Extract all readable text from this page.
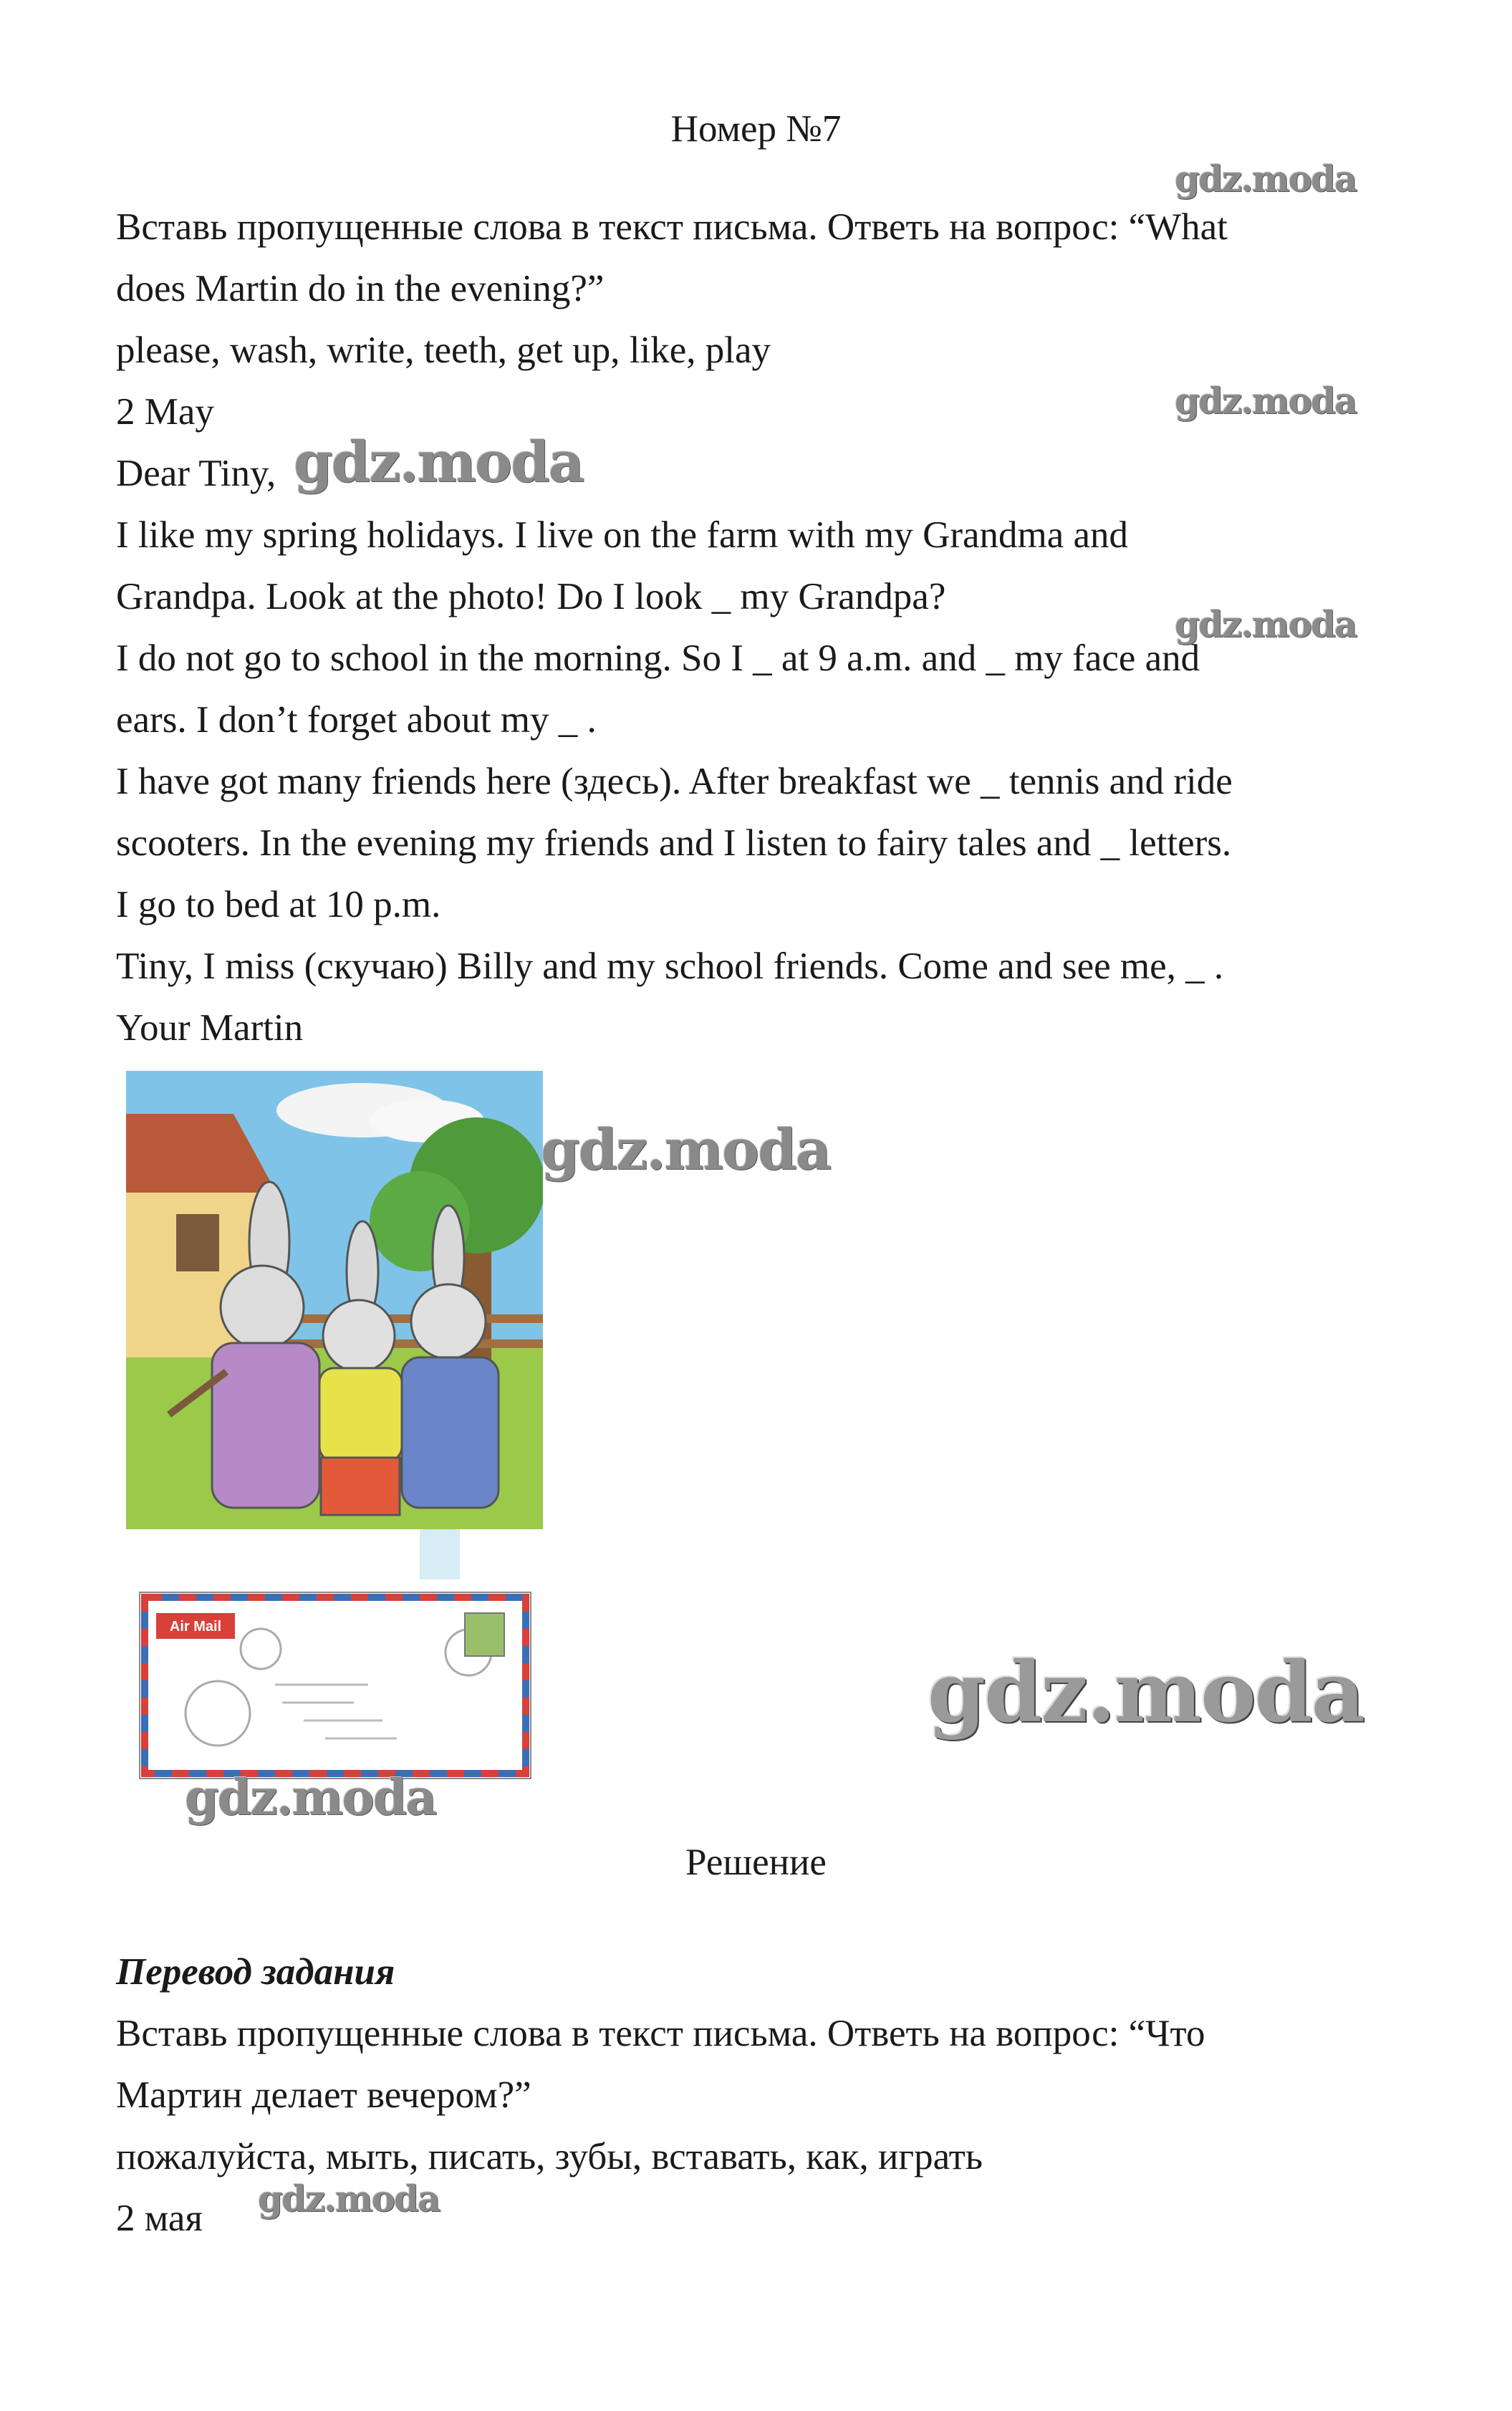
Номер №7
Вставь пропущенные слова в текст письма. Ответь на вопрос: “What
does Martin do in the evening?”
please, wash, write, teeth, get up, like, play
2 May
Dear Tiny,
I like my spring holidays. I live on the farm with my Grandma and
Grandpa. Look at the photo! Do I look _ my Grandpa?
I do not go to school in the morning. So I _ at 9 a.m. and _ my face and
ears. I don’t forget about my _ .
I have got many friends here (здесь). After breakfast we _ tennis and ride
scooters. In the evening my friends and I listen to fairy tales and _ letters.
I go to bed at 10 p.m.
Tiny, I miss (скучаю) Billy and my school friends. Come and see me, _ .
Your Martin
Air Mail
Решение
Перевод задания
Вставь пропущенные слова в текст письма. Ответь на вопрос: “Что
Мартин делает вечером?”
пожалуйста, мыть, писать, зубы, вставать, как, играть
2 мая
gdz.moda
gdz.moda
gdz.moda
gdz.moda
gdz.moda
gdz.moda
gdz.moda
gdz.moda
